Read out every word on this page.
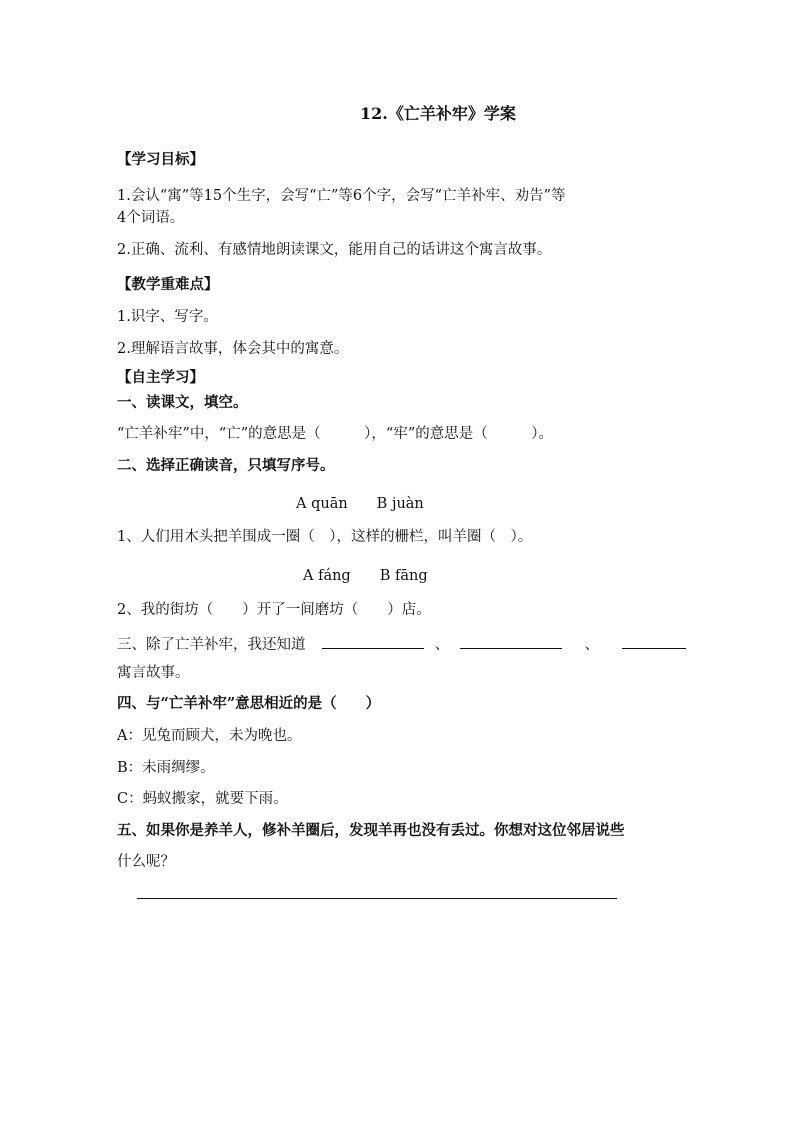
12.《亡羊补牢》学案
【学习目标】
1.会认“寓”等15个生字，会写“亡”等6个字，会写“亡羊补牢、劝告”等
4个词语。
2.正确、流利、有感情地朗读课文，能用自己的话讲这个寓言故事。
【教学重难点】
1.识字、写字。
2.理解语言故事，体会其中的寓意。
【自主学习】
一、读课文，填空。
“亡羊补牢”中，“亡”的意思是（　　　），“牢”的意思是（　　　）。
二、选择正确读音，只填写序号。
A quān　　B juàn
1、人们用木头把羊围成一圈（　），这样的栅栏，叫羊圈（　）。
A fáng　　B fāng
2、我的街坊（　　）开了一间磨坊（　　）店。
三、除了亡羊补牢，我还知道	、	、
寓言故事。
四、与“亡羊补牢”意思相近的是（　　）
A：见兔而顾犬，未为晚也。
B：未雨绸缪。
C：蚂蚁搬家，就要下雨。
五、如果你是养羊人，修补羊圈后，发现羊再也没有丢过。你想对这位邻居说些
什么呢？
